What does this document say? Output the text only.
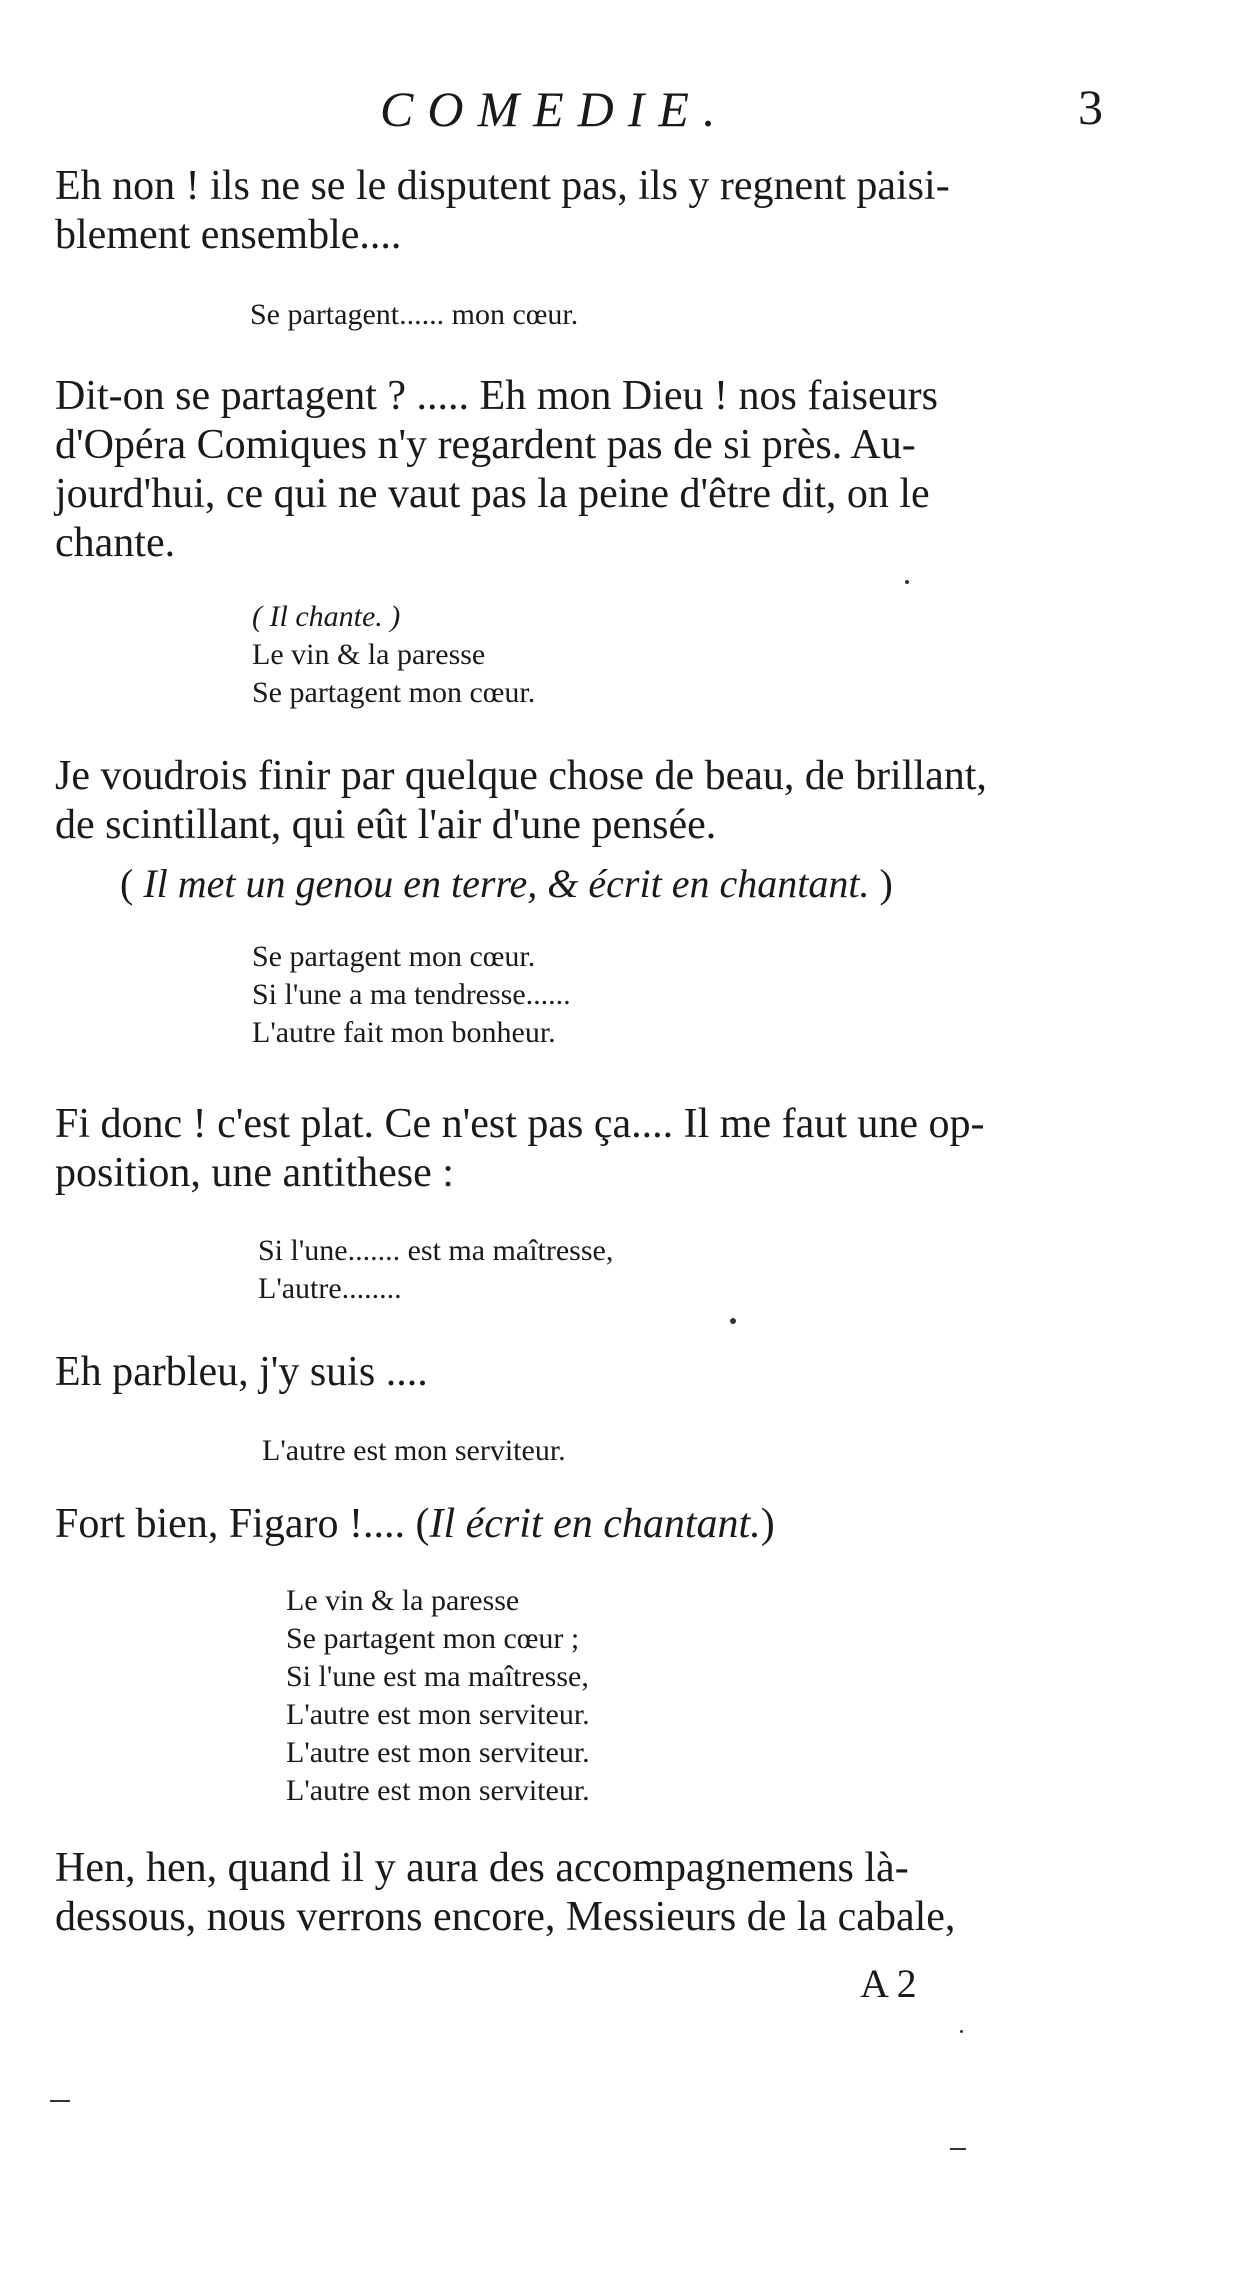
COMEDIE.	3
Eh non ! ils ne se le disputent pas, ils y regnent paisi-
blement ensemble....
Se partagent...... mon cœur.
Dit-on se partagent ? ..... Eh mon Dieu ! nos faiseurs
d'Opéra Comiques n'y regardent pas de si près. Au-
jourd'hui, ce qui ne vaut pas la peine d'être dit, on le
chante.
( Il chante. )
Le vin & la paresse
Se partagent mon cœur.
Je voudrois finir par quelque chose de beau, de brillant,
de scintillant, qui eût l'air d'une pensée.
( Il met un genou en terre, & écrit en chantant. )
Se partagent mon cœur.
Si l'une a ma tendresse......
L'autre fait mon bonheur.
Fi donc ! c'est plat. Ce n'est pas ça.... Il me faut une op-
position, une antithese :
Si l'une....... est ma maîtresse,
L'autre........
Eh parbleu, j'y suis ....
L'autre est mon serviteur.
Fort bien, Figaro !.... (Il écrit en chantant.)
Le vin & la paresse
Se partagent mon cœur ;
Si l'une est ma maîtresse,
L'autre est mon serviteur.
L'autre est mon serviteur.
L'autre est mon serviteur.
Hen, hen, quand il y aura des accompagnemens là-
dessous, nous verrons encore, Messieurs de la cabale,
A 2
